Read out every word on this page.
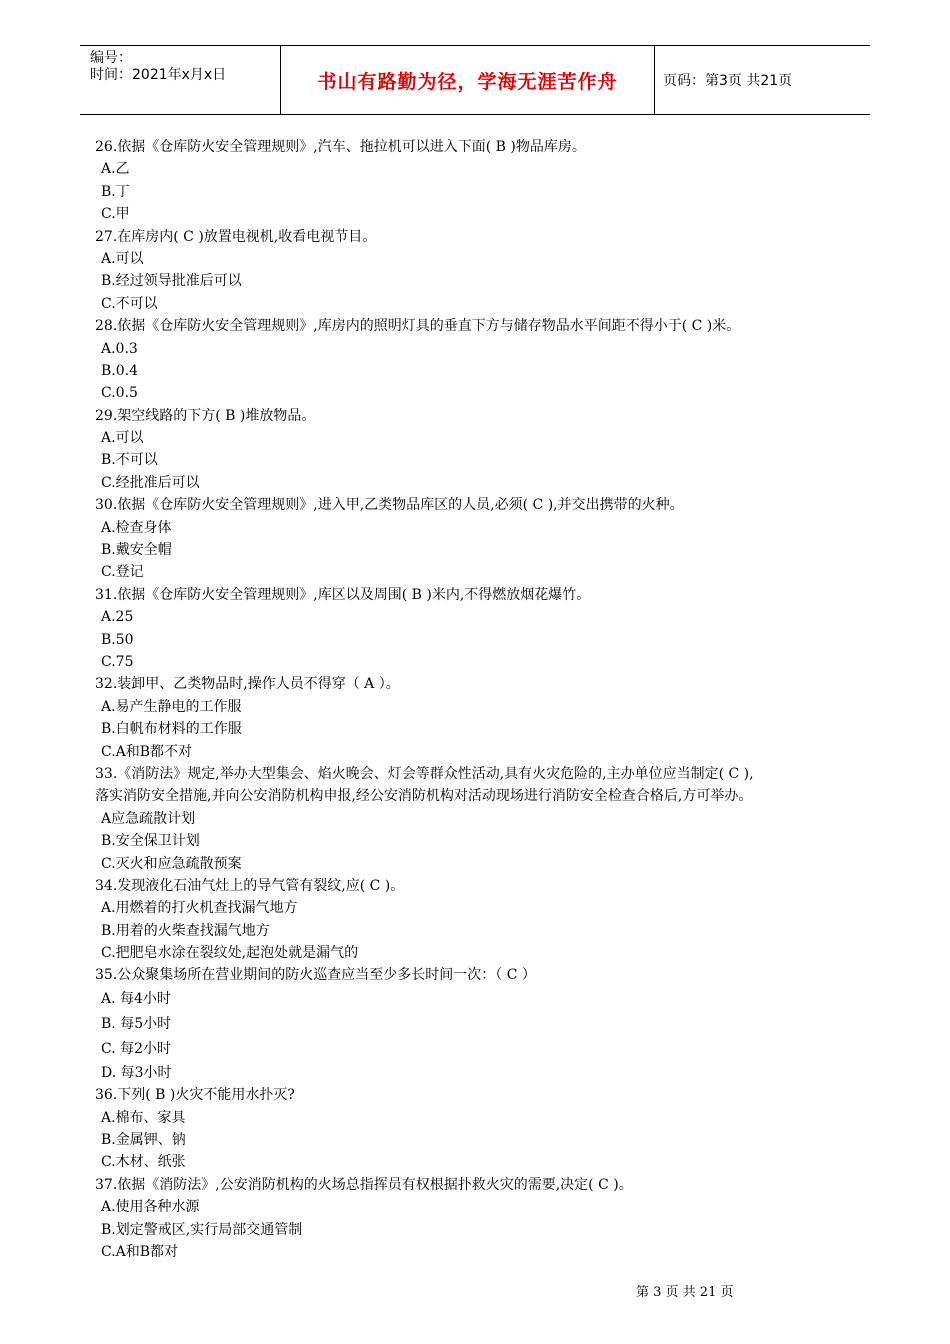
编号：
时间：2021年x月x日	书山有路勤为径，学海无涯苦作舟	页码：第3页 共21页
26.依据《仓库防火安全管理规则》,汽车、拖拉机可以进入下面( B )物品库房。
A.乙
B.丁
C.甲
27.在库房内( C )放置电视机,收看电视节目。
A.可以
B.经过领导批准后可以
C.不可以
28.依据《仓库防火安全管理规则》,库房内的照明灯具的垂直下方与储存物品水平间距不得小于( C )米。
A.0.3
B.0.4
C.0.5
29.架空线路的下方( B )堆放物品。
A.可以
B.不可以
C.经批准后可以
30.依据《仓库防火安全管理规则》,进入甲,乙类物品库区的人员,必须( C ),并交出携带的火种。
A.检查身体
B.戴安全帽
C.登记
31.依据《仓库防火安全管理规则》,库区以及周围( B )米内,不得燃放烟花爆竹。
A.25
B.50
C.75
32.装卸甲、乙类物品时,操作人员不得穿（ A ）。
A.易产生静电的工作服
B.白帆布材料的工作服
C.A和B都不对
33.《消防法》规定,举办大型集会、焰火晚会、灯会等群众性活动,具有火灾危险的,主办单位应当制定( C ),
落实消防安全措施,并向公安消防机构申报,经公安消防机构对活动现场进行消防安全检查合格后,方可举办。
A应急疏散计划
B.安全保卫计划
C.灭火和应急疏散预案
34.发现液化石油气灶上的导气管有裂纹,应( C )。
A.用燃着的打火机查找漏气地方
B.用着的火柴查找漏气地方
C.把肥皂水涂在裂纹处,起泡处就是漏气的
35.公众聚集场所在营业期间的防火巡查应当至少多长时间一次：（ C ）
A. 每4小时
B. 每5小时
C. 每2小时
D. 每3小时
36.下列( B )火灾不能用水扑灭?
A.棉布、家具
B.金属钾、钠
C.木材、纸张
37.依据《消防法》,公安消防机构的火场总指挥员有权根据扑救火灾的需要,决定( C )。
A.使用各种水源
B.划定警戒区,实行局部交通管制
C.A和B都对
第 3 页 共 21 页
